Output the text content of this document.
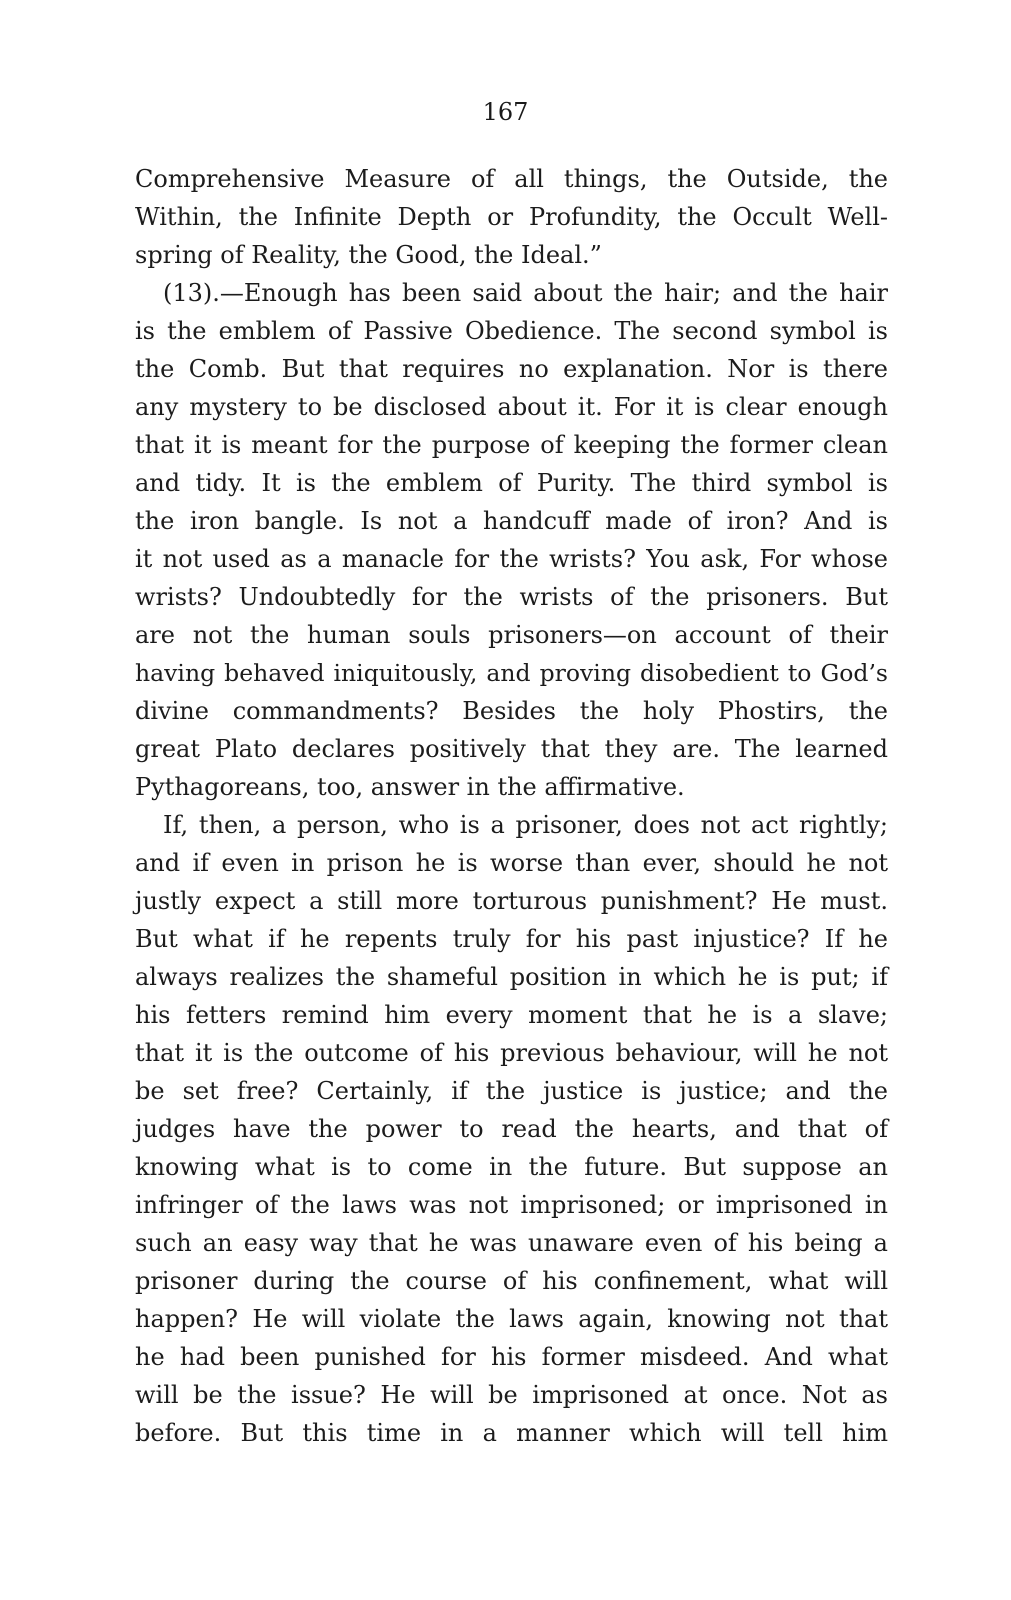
167
Comprehensive Measure of all things, the Outside, the
Within, the Infinite Depth or Profundity, the Occult Well-
spring of Reality, the Good, the Ideal.”
(13).—Enough has been said about the hair; and the hair
is the emblem of Passive Obedience. The second symbol is
the Comb. But that requires no explanation. Nor is there
any mystery to be disclosed about it. For it is clear enough
that it is meant for the purpose of keeping the former clean
and tidy. It is the emblem of Purity. The third symbol is
the iron bangle. Is not a handcuff made of iron? And is
it not used as a manacle for the wrists? You ask, For whose
wrists? Undoubtedly for the wrists of the prisoners. But
are not the human souls prisoners—on account of their
having behaved iniquitously, and proving disobedient to God’s
divine commandments? Besides the holy Phostirs, the
great Plato declares positively that they are. The learned
Pythagoreans, too, answer in the affirmative.
If, then, a person, who is a prisoner, does not act rightly;
and if even in prison he is worse than ever, should he not
justly expect a still more torturous punishment? He must.
But what if he repents truly for his past injustice? If he
always realizes the shameful position in which he is put; if
his fetters remind him every moment that he is a slave;
that it is the outcome of his previous behaviour, will he not
be set free? Certainly, if the justice is justice; and the
judges have the power to read the hearts, and that of
knowing what is to come in the future. But suppose an
infringer of the laws was not imprisoned; or imprisoned in
such an easy way that he was unaware even of his being a
prisoner during the course of his confinement, what will
happen? He will violate the laws again, knowing not that
he had been punished for his former misdeed. And what
will be the issue? He will be imprisoned at once. Not as
before. But this time in a manner which will tell him
